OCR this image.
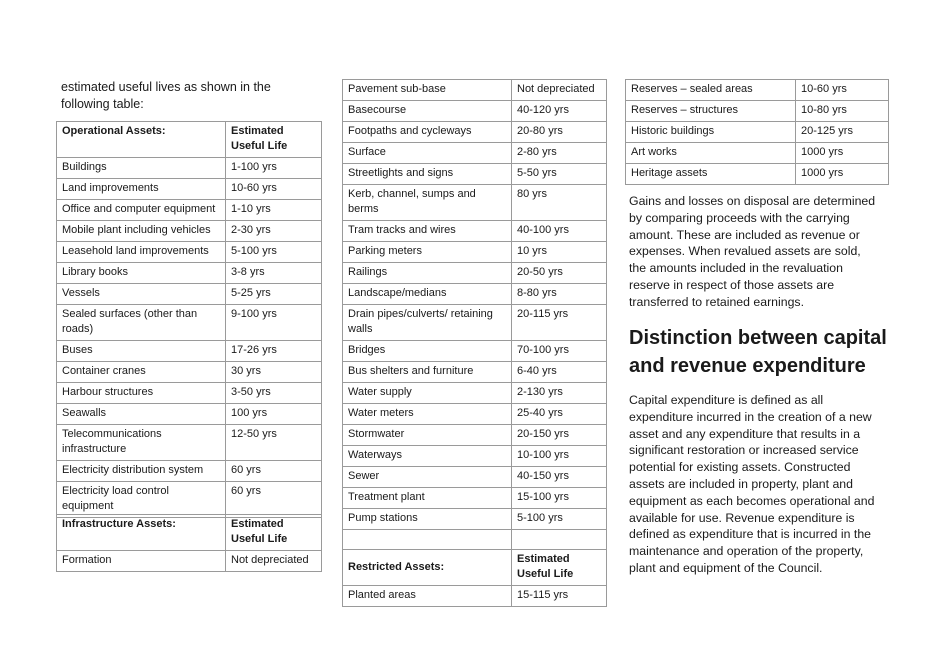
estimated useful lives as shown in the following table:
Operational Assets:	Estimated Useful Life
Buildings	1-100 yrs
Land improvements	10-60 yrs
Office and computer equipment	1-10 yrs
Mobile plant including vehicles	2-30 yrs
Leasehold land improvements	5-100 yrs
Library books	3-8 yrs
Vessels	5-25 yrs
Sealed surfaces (other than roads)	9-100 yrs
Buses	17-26 yrs
Container cranes	30 yrs
Harbour structures	3-50 yrs
Seawalls	100 yrs
Telecommunications infrastructure	12-50 yrs
Electricity distribution system	60 yrs
Electricity load control equipment	60 yrs
Infrastructure Assets:	Estimated Useful Life
Formation	Not depreciated
Pavement sub-base	Not depreciated
Basecourse	40-120 yrs
Footpaths and cycleways	20-80 yrs
Surface	2-80 yrs
Streetlights and signs	5-50 yrs
Kerb, channel, sumps and berms	80 yrs
Tram tracks and wires	40-100 yrs
Parking meters	10 yrs
Railings	20-50 yrs
Landscape/medians	8-80 yrs
Drain pipes/culverts/ retaining walls	20-115 yrs
Bridges	70-100 yrs
Bus shelters and furniture	6-40 yrs
Water supply	2-130 yrs
Water meters	25-40 yrs
Stormwater	20-150 yrs
Waterways	10-100 yrs
Sewer	40-150 yrs
Treatment plant	15-100 yrs
Pump stations	5-100 yrs

Restricted Assets:	Estimated Useful Life
Planted areas	15-115 yrs
Reserves – sealed areas	10-60 yrs
Reserves – structures	10-80 yrs
Historic buildings	20-125 yrs
Art works	1000 yrs
Heritage assets	1000 yrs
Gains and losses on disposal are determined by comparing proceeds with the carrying amount. These are included as revenue or expenses. When revalued assets are sold, the amounts included in the revaluation reserve in respect of those assets are transferred to retained earnings.
Distinction between capital and revenue expenditure
Capital expenditure is defined as all expenditure incurred in the creation of a new asset and any expenditure that results in a significant restoration or increased service potential for existing assets. Constructed assets are included in property, plant and equipment as each becomes operational and available for use. Revenue expenditure is defined as expenditure that is incurred in the maintenance and operation of the property, plant and equipment of the Council.
